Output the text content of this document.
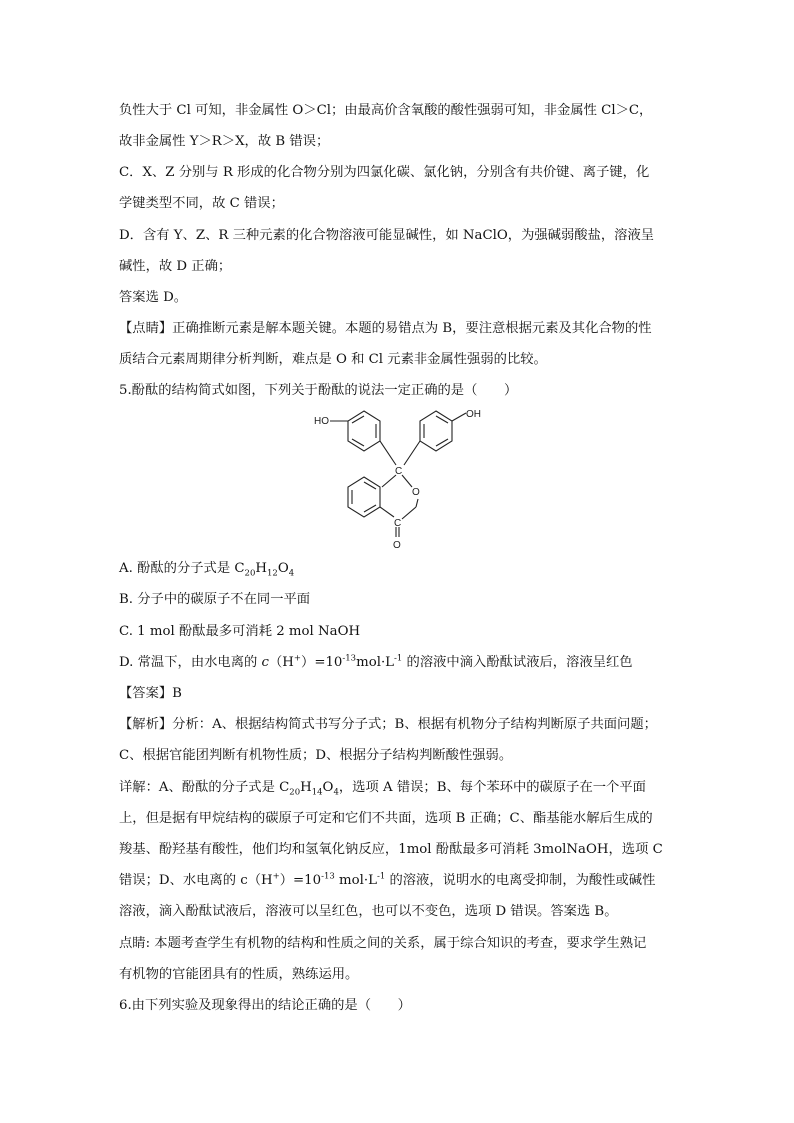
负性大于 Cl 可知，非金属性 O＞Cl；由最高价含氧酸的酸性强弱可知，非金属性 Cl＞C，
故非金属性 Y＞R＞X，故 B 错误；
C．X、Z 分别与 R 形成的化合物分别为四氯化碳、氯化钠，分别含有共价键、离子键，化
学键类型不同，故 C 错误；
D．含有 Y、Z、R 三种元素的化合物溶液可能显碱性，如 NaClO，为强碱弱酸盐，溶液呈
碱性，故 D 正确；
答案选 D。
【点睛】正确推断元素是解本题关键。本题的易错点为 B，要注意根据元素及其化合物的性
质结合元素周期律分析判断，难点是 O 和 Cl 元素非金属性强弱的比较。
5.酚酞的结构简式如图，下列关于酚酞的说法一定正确的是（　　）
HO
OH
C
O
C
O
A. 酚酞的分子式是 $C_{20}H_{12}O_4$
B. 分子中的碳原子不在同一平面
C. 1 mol 酚酞最多可消耗 2 mol NaOH
D. 常温下，由水电离的 $c(H^+)=10^{-13}mol\cdot L^{-1}$ 的溶液中滴入酚酞试液后，溶液呈红色
【答案】B
【解析】分析：A、根据结构简式书写分子式；B、根据有机物分子结构判断原子共面问题；
C、根据官能团判断有机物性质；D、根据分子结构判断酸性强弱。
详解：A、酚酞的分子式是 $C_{20}H_{14}O_4$，选项 A 错误；B、每个苯环中的碳原子在一个平面
上，但是据有甲烷结构的碳原子可定和它们不共面，选项 B 正确；C、酯基能水解后生成的
羧基、酚羟基有酸性，他们均和氢氧化钠反应，1mol 酚酞最多可消耗 3molNaOH，选项 C
错误；D、水电离的 $c(H^+)=10^{-13}$ $mol\cdot L^{-1}$ 的溶液，说明水的电离受抑制，为酸性或碱性
溶液，滴入酚酞试液后，溶液可以呈红色，也可以不变色，选项 D 错误。答案选 B。
点睛: 本题考查学生有机物的结构和性质之间的关系，属于综合知识的考查，要求学生熟记
有机物的官能团具有的性质，熟练运用。
6.由下列实验及现象得出的结论正确的是（　　）
